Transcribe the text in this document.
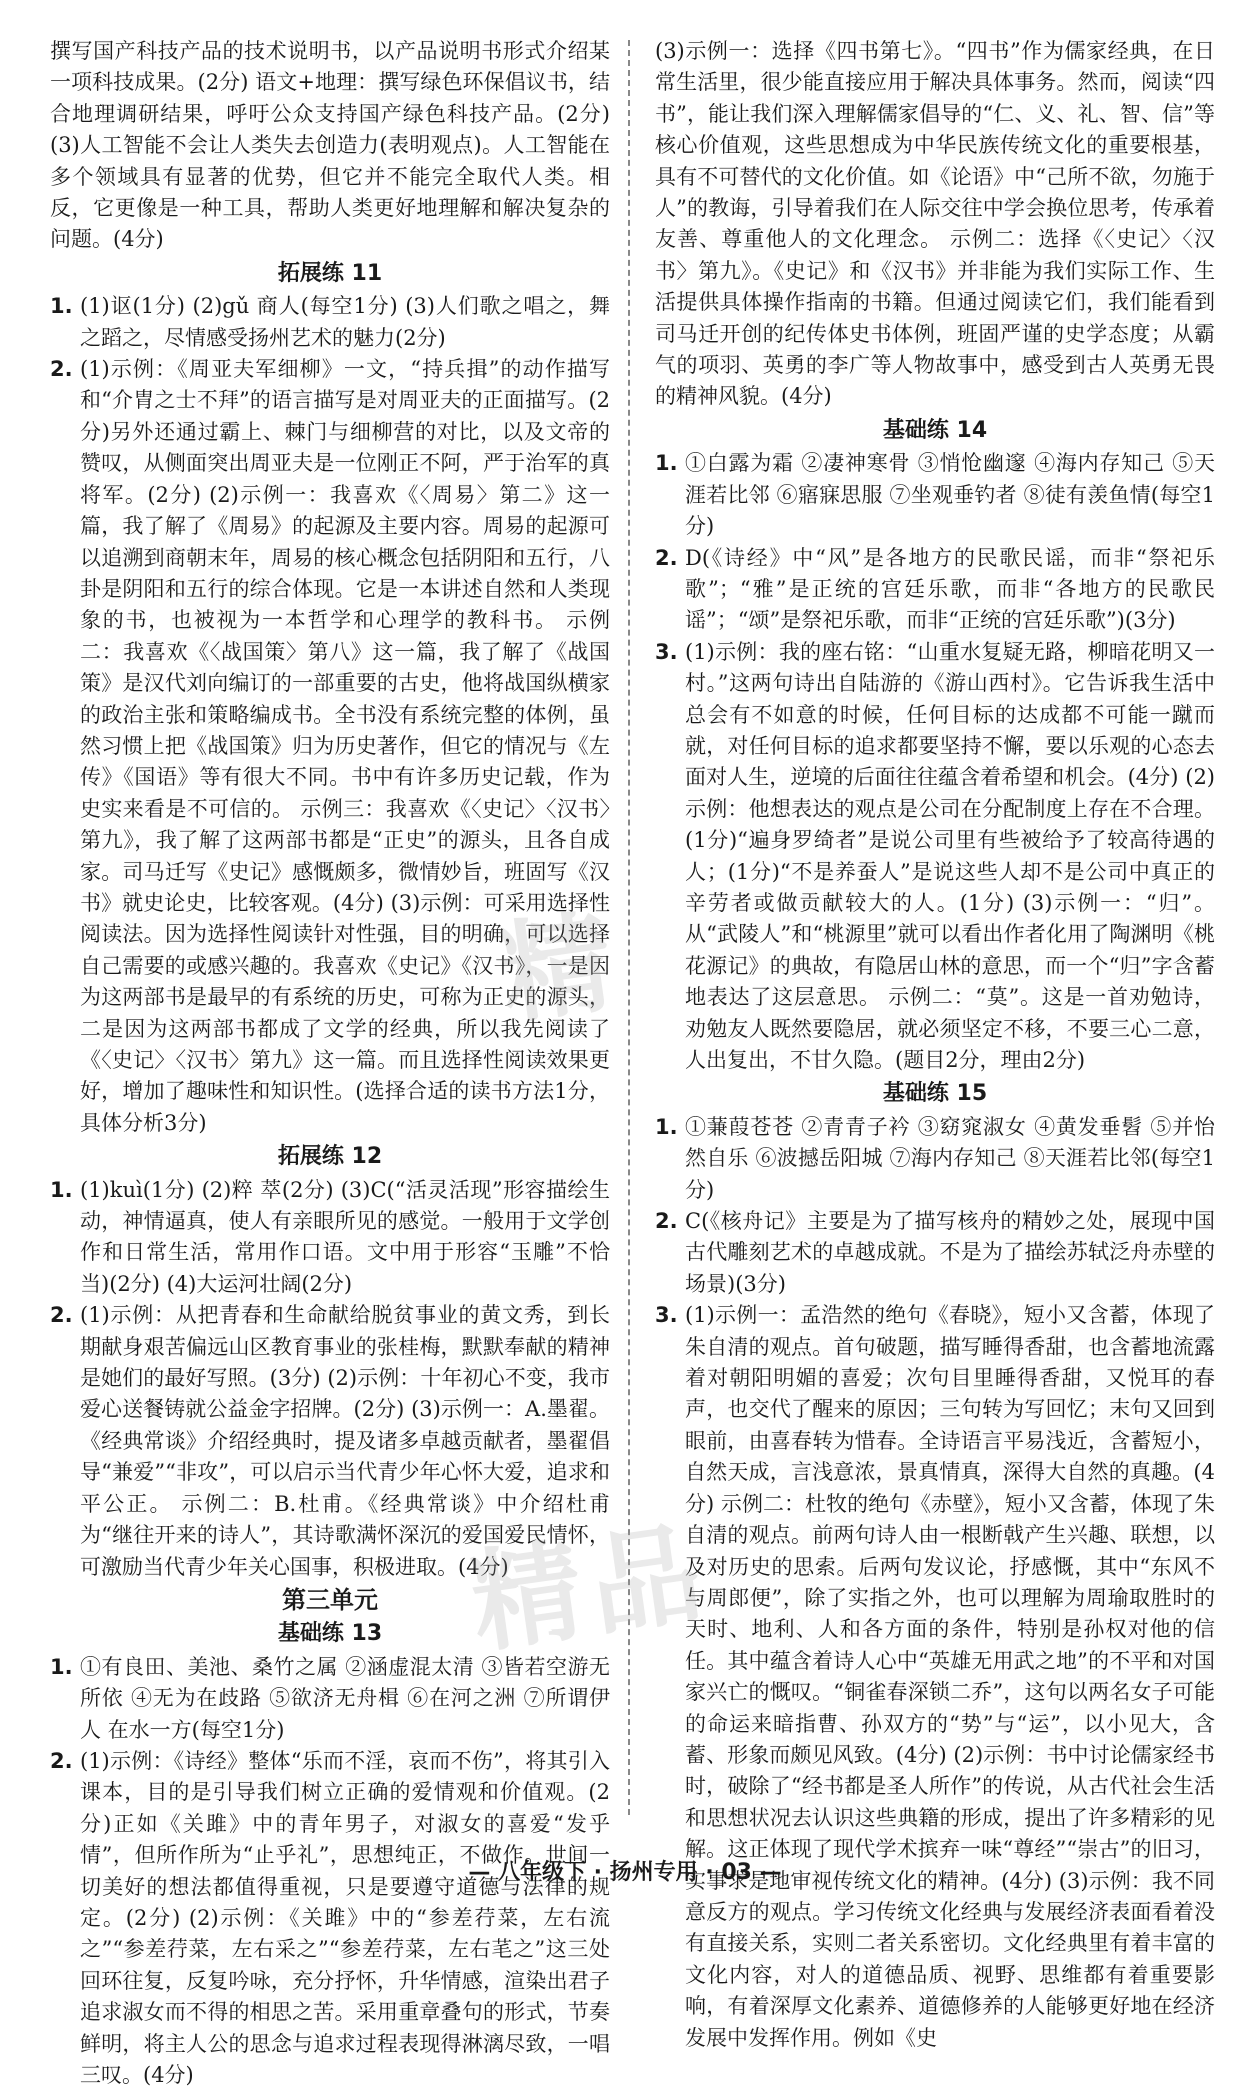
撰写国产科技产品的技术说明书，以产品说明书形式介绍某一项科技成果。(2分) 语文+地理：撰写绿色环保倡议书，结合地理调研结果，呼吁公众支持国产绿色科技产品。(2分) (3)人工智能不会让人类失去创造力(表明观点)。人工智能在多个领域具有显著的优势，但它并不能完全取代人类。相反，它更像是一种工具，帮助人类更好地理解和解决复杂的问题。(4分)
拓展练 11
1. (1)讴(1分) (2)gǔ 商人(每空1分) (3)人们歌之唱之，舞之蹈之，尽情感受扬州艺术的魅力(2分)
2. (1)示例：《周亚夫军细柳》一文，“持兵揖”的动作描写和“介胄之士不拜”的语言描写是对周亚夫的正面描写。(2分)另外还通过霸上、棘门与细柳营的对比，以及文帝的赞叹，从侧面突出周亚夫是一位刚正不阿，严于治军的真将军。(2分) (2)示例一：我喜欢《〈周易〉第二》这一篇，我了解了《周易》的起源及主要内容。周易的起源可以追溯到商朝末年，周易的核心概念包括阴阳和五行，八卦是阴阳和五行的综合体现。它是一本讲述自然和人类现象的书，也被视为一本哲学和心理学的教科书。 示例二：我喜欢《〈战国策〉第八》这一篇，我了解了《战国策》是汉代刘向编订的一部重要的古史，他将战国纵横家的政治主张和策略编成书。全书没有系统完整的体例，虽然习惯上把《战国策》归为历史著作，但它的情况与《左传》《国语》等有很大不同。书中有许多历史记载，作为史实来看是不可信的。 示例三：我喜欢《〈史记〉〈汉书〉第九》，我了解了这两部书都是“正史”的源头，且各自成家。司马迁写《史记》感慨颇多，微情妙旨，班固写《汉书》就史论史，比较客观。(4分) (3)示例：可采用选择性阅读法。因为选择性阅读针对性强，目的明确，可以选择自己需要的或感兴趣的。我喜欢《史记》《汉书》，一是因为这两部书是最早的有系统的历史，可称为正史的源头，二是因为这两部书都成了文学的经典，所以我先阅读了《〈史记〉〈汉书〉第九》这一篇。而且选择性阅读效果更好，增加了趣味性和知识性。(选择合适的读书方法1分，具体分析3分)
拓展练 12
1. (1)kuì(1分) (2)粹 萃(2分) (3)C(“活灵活现”形容描绘生动，神情逼真，使人有亲眼所见的感觉。一般用于文学创作和日常生活，常用作口语。文中用于形容“玉雕”不恰当)(2分) (4)大运河壮阔(2分)
2. (1)示例：从把青春和生命献给脱贫事业的黄文秀，到长期献身艰苦偏远山区教育事业的张桂梅，默默奉献的精神是她们的最好写照。(3分) (2)示例：十年初心不变，我市爱心送餐铸就公益金字招牌。(2分) (3)示例一：A.墨翟。《经典常谈》介绍经典时，提及诸多卓越贡献者，墨翟倡导“兼爱”“非攻”，可以启示当代青少年心怀大爱，追求和平公正。 示例二：B.杜甫。《经典常谈》中介绍杜甫为“继往开来的诗人”，其诗歌满怀深沉的爱国爱民情怀，可激励当代青少年关心国事，积极进取。(4分)
第三单元
基础练 13
1. ①有良田、美池、桑竹之属 ②涵虚混太清 ③皆若空游无所依 ④无为在歧路 ⑤欲济无舟楫 ⑥在河之洲 ⑦所谓伊人 在水一方(每空1分)
2. (1)示例：《诗经》整体“乐而不淫，哀而不伤”，将其引入课本，目的是引导我们树立正确的爱情观和价值观。(2分)正如《关雎》中的青年男子，对淑女的喜爱“发乎情”，但所作所为“止乎礼”，思想纯正，不做作。世间一切美好的想法都值得重视，只是要遵守道德与法律的规定。(2分) (2)示例：《关雎》中的“参差荇菜，左右流之”“参差荇菜，左右采之”“参差荇菜，左右芼之”这三处回环往复，反复吟咏，充分抒怀，升华情感，渲染出君子追求淑女而不得的相思之苦。采用重章叠句的形式，节奏鲜明，将主人公的思念与追求过程表现得淋漓尽致，一唱三叹。(4分)
(3)示例一：选择《四书第七》。“四书”作为儒家经典，在日常生活里，很少能直接应用于解决具体事务。然而，阅读“四书”，能让我们深入理解儒家倡导的“仁、义、礼、智、信”等核心价值观，这些思想成为中华民族传统文化的重要根基，具有不可替代的文化价值。如《论语》中“己所不欲，勿施于人”的教诲，引导着我们在人际交往中学会换位思考，传承着友善、尊重他人的文化理念。 示例二：选择《〈史记〉〈汉书〉第九》。《史记》和《汉书》并非能为我们实际工作、生活提供具体操作指南的书籍。但通过阅读它们，我们能看到司马迁开创的纪传体史书体例，班固严谨的史学态度；从霸气的项羽、英勇的李广等人物故事中，感受到古人英勇无畏的精神风貌。(4分)
基础练 14
1. ①白露为霜 ②凄神寒骨 ③悄怆幽邃 ④海内存知己 ⑤天涯若比邻 ⑥寤寐思服 ⑦坐观垂钓者 ⑧徒有羡鱼情(每空1分)
2. D(《诗经》中“风”是各地方的民歌民谣，而非“祭祀乐歌”；“雅”是正统的宫廷乐歌，而非“各地方的民歌民谣”；“颂”是祭祀乐歌，而非“正统的宫廷乐歌”)(3分)
3. (1)示例：我的座右铭：“山重水复疑无路，柳暗花明又一村。”这两句诗出自陆游的《游山西村》。它告诉我生活中总会有不如意的时候，任何目标的达成都不可能一蹴而就，对任何目标的追求都要坚持不懈，要以乐观的心态去面对人生，逆境的后面往往蕴含着希望和机会。(4分) (2)示例：他想表达的观点是公司在分配制度上存在不合理。(1分)“遍身罗绮者”是说公司里有些被给予了较高待遇的人；(1分)“不是养蚕人”是说这些人却不是公司中真正的辛劳者或做贡献较大的人。(1分) (3)示例一：“归”。从“武陵人”和“桃源里”就可以看出作者化用了陶渊明《桃花源记》的典故，有隐居山林的意思，而一个“归”字含蓄地表达了这层意思。 示例二：“莫”。这是一首劝勉诗，劝勉友人既然要隐居，就必须坚定不移，不要三心二意，人出复出，不甘久隐。(题目2分，理由2分)
基础练 15
1. ①蒹葭苍苍 ②青青子衿 ③窈窕淑女 ④黄发垂髫 ⑤并怡然自乐 ⑥波撼岳阳城 ⑦海内存知己 ⑧天涯若比邻(每空1分)
2. C(《核舟记》主要是为了描写核舟的精妙之处，展现中国古代雕刻艺术的卓越成就。不是为了描绘苏轼泛舟赤壁的场景)(3分)
3. (1)示例一：孟浩然的绝句《春晓》，短小又含蓄，体现了朱自清的观点。首句破题，描写睡得香甜，也含蓄地流露着对朝阳明媚的喜爱；次句目里睡得香甜，又悦耳的春声，也交代了醒来的原因；三句转为写回忆；末句又回到眼前，由喜春转为惜春。全诗语言平易浅近，含蓄短小，自然天成，言浅意浓，景真情真，深得大自然的真趣。(4分) 示例二：杜牧的绝句《赤壁》，短小又含蓄，体现了朱自清的观点。前两句诗人由一根断戟产生兴趣、联想，以及对历史的思索。后两句发议论，抒感慨，其中“东风不与周郎便”，除了实指之外，也可以理解为周瑜取胜时的天时、地利、人和各方面的条件，特别是孙权对他的信任。其中蕴含着诗人心中“英雄无用武之地”的不平和对国家兴亡的慨叹。“铜雀春深锁二乔”，这句以两名女子可能的命运来暗指曹、孙双方的“势”与“运”，以小见大，含蓄、形象而颇见风致。(4分) (2)示例：书中讨论儒家经书时，破除了“经书都是圣人所作”的传说，从古代社会生活和思想状况去认识这些典籍的形成，提出了许多精彩的见解。这正体现了现代学术摈弃一味“尊经”“崇古”的旧习，实事求是地审视传统文化的精神。(4分) (3)示例：我不同意反方的观点。学习传统文化经典与发展经济表面看着没有直接关系，实则二者关系密切。文化经典里有着丰富的文化内容，对人的道德品质、视野、思维都有着重要影响，有着深厚文化素养、道德修养的人能够更好地在经济发展中发挥作用。例如《史
精
精品
— 八年级下 · 扬州专用 · 03 —
